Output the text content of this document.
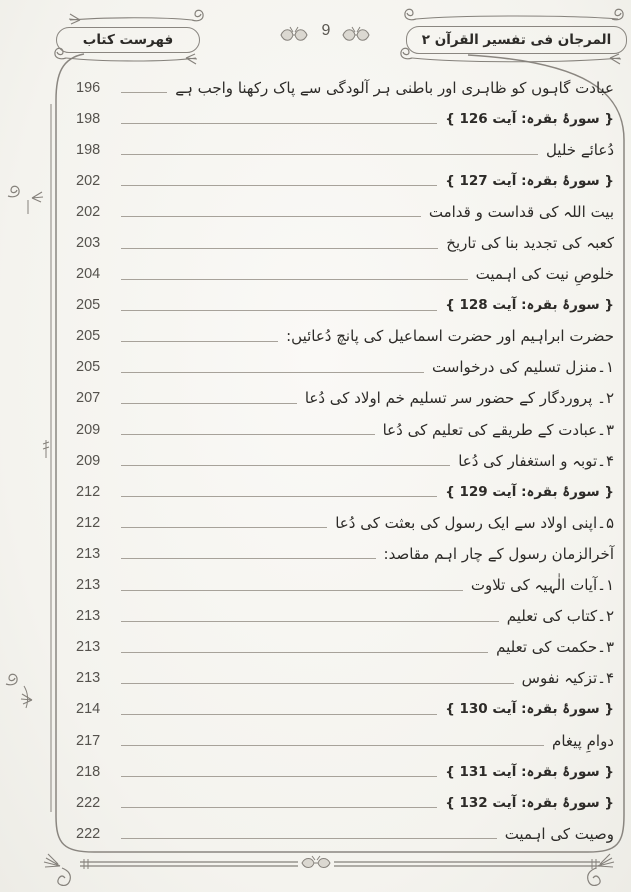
المرجان فی تفسیر القرآن ۲
فهرست كتاب
9
عبادت گاہوں کو ظاہری اور باطنی ہر آلودگی سے پاک رکھنا واجب ہے
196
{ سورۂ بقرہ: آیت 126 }
198
دُعائے خلیل
198
{ سورۂ بقرہ: آیت 127 }
202
بیت اللہ کی قداست و قدامت
202
کعبہ کی تجدید بنا کی تاریخ
203
خلوصِ نیت کی اہمیت
204
{ سورۂ بقرہ: آیت 128 }
205
حضرت ابراہیم اور حضرت اسماعیل کی پانچ دُعائیں:
205
۱۔منزل تسلیم کی درخواست
205
۲۔ پروردگار کے حضور سر تسلیم خم اولاد کی دُعا
207
۳۔عبادت کے طریقے کی تعلیم کی دُعا
209
۴۔توبہ و استغفار کی دُعا
209
{ سورۂ بقرہ: آیت 129 }
212
۵۔اپنی اولاد سے ایک رسول کی بعثت کی دُعا
212
آخرالزمان رسول کے چار اہم مقاصد:
213
۱۔آیات الٰہیہ کی تلاوت
213
۲۔کتاب کی تعلیم
213
۳۔حکمت کی تعلیم
213
۴۔تزکیہ نفوس
213
{ سورۂ بقرہ: آیت 130 }
214
دوامِ پیغام
217
{ سورۂ بقرہ: آیت 131 }
218
{ سورۂ بقرہ: آیت 132 }
222
وصیت کی اہمیت
222
